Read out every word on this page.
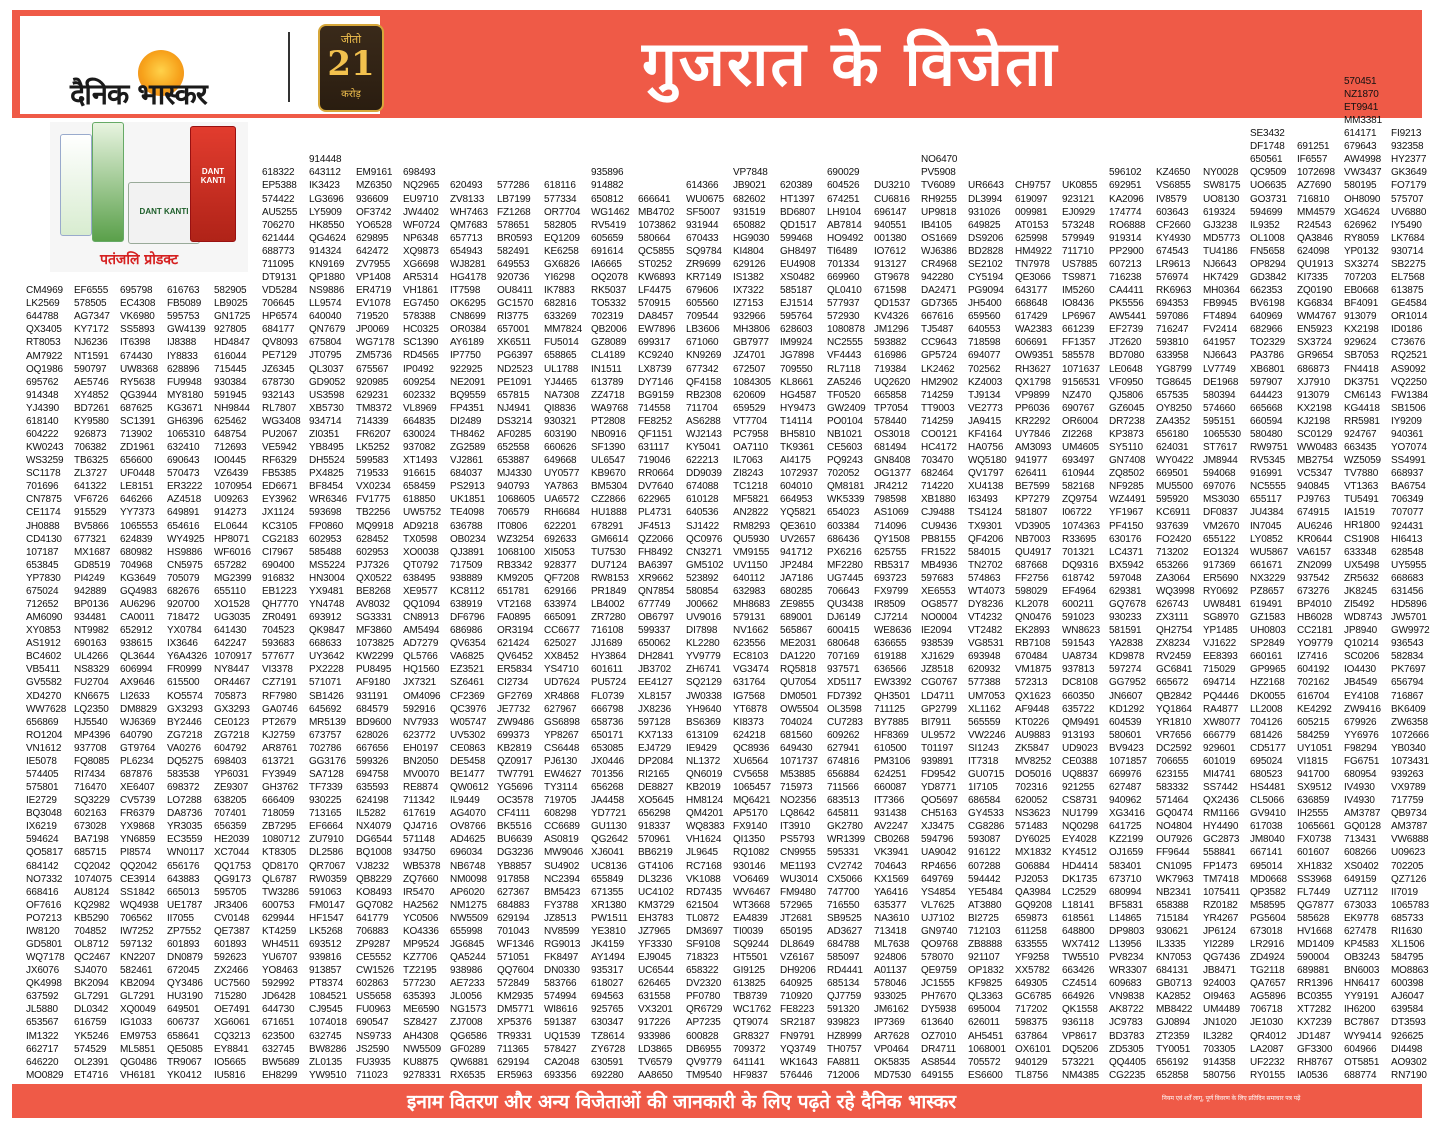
दैनिक भास्कर
जीतो
21
करोड़	गुजरात के विजेता
DANT KANTI
DANT KANTI
पतंजलि प्रोडक्ट
CM4969
LK2569
644788
QX3405
RT8053
AM7922
OQ1986
695762
914348
YJ4390
618140
604222
KW0243
WS3259
SC1178
701696
CN7875
CE1174
JH0888
CD4130
107187
653845
YP7830
675024
712652
AM6090
XY0853
AS1912
BC4602
VB5411
GV5582
XD4270
WW7628
656869
RO1204
VN1612
IE5078
574405
575801
IE2729
BQ3048
IX6219
594624
QO5817
684142
NO7332
668416
OF7616
PO7213
IW8120
GD5801
WQ7178
JX6076
QK4998
637592
JL5880
653567
IM1322
662717
646220
MO0829
EF6555
578505
AG7347
KY7172
NJ6236
NT1591
590797
AE5746
XY4852
BD7261
KY9580
926873
706382
TB6325
ZL3727
641322
VF6726
915529
BV5866
677321
MX1687
GD8519
PI4249
942889
BP0136
934481
NT9982
690163
UL4266
NS8329
FU2704
KN6675
LQ2350
HJ5540
MP4396
937708
FQ8085
RI7434
716470
SQ3229
602163
673028
BA7198
685715
CQ2042
1074075
AU8124
KQ2982
KB5290
704852
OL8712
QC2467
SJ4070
BK2094
GL7291
DL0342
616759
YK5246
574529
OL2391
ET4716
695798
EC4308
VK6980
SS5893
IT6398
674430
UW8368
RY5638
QG3944
687625
SC1391
713902
ZD1961
656600
UF0448
LE8151
646266
YY7373
1065553
624839
680982
704968
KG3649
GQ4983
AU6296
CA0011
652912
938615
QL3644
606994
AX9646
LI2633
DM8829
WJ6369
640790
GT9764
PL6234
687876
XE6407
CV5739
FR6379
YX9868
YN6859
PI8574
QQ2042
CE3914
SS1842
WQ4938
706562
IW7252
597132
KN2207
582461
KB2094
GL7291
XQ0049
IG1033
EM9753
ML5851
QG0486
VH6181
616763
FB5089
595753
GW4139
IJ8388
IY8833
628896
FU9948
MY8180
KG3671
GH6396
1065310
632410
690643
570473
ER3222
AZ4518
649891
654616
WY4925
HS9886
CN5975
705079
682676
920700
718472
YX0784
IX3646
Y6A4326
FR0999
615500
KO5574
GX3293
BY2446
ZG7218
VA0276
DQ5275
583538
698372
LO7288
DA8736
YR3035
EC3559
WN0117
656176
643883
665013
UE1787
II7055
ZP7552
601893
DN0879
672045
QY3486
HU3190
649501
606737
658641
QE5085
TR9067
YK0412
582905
LB9025
GN1725
927805
HD4847
616044
715445
930384
591945
NH9844
625462
648754
712693
IO0445
VZ6439
1070954
U09263
914273
EL0644
HP8071
WF6016
657282
MG2399
655110
XO1528
UG3035
641430
642247
1070917
NY8447
OR4467
705873
GX3293
CE0123
ZG7218
604792
698403
YP6031
ZE9307
638205
707401
656359
HE2039
XC7044
QQ1753
QG9173
595705
JR3406
CV0148
QE7387
601893
592623
ZX2466
UC7560
715280
OE7491
XG6061
CQ3213
EY8841
IO5665
IU5816
618322
EP5388
574422
AU5255
706270
621444
688773
711095
DT9131
VD5284
706645
HP6574
684177
QV8093
PE7129
JZ6345
678730
932143
RL7807
WG3408
PU2067
VE5942
RF6329
FB5385
ED6671
EY3962
JX1124
KC3105
CG2183
CI7967
690400
916832
EB1223
QH7770
ZR0491
704523
593683
577677
VI3378
CZ7191
RF7980
GA0746
PT2679
KJ2759
AR8761
613721
FY3949
GH3762
666409
718059
ZB7295
1080712
KT8305
QD8170
QL6787
TW3286
600753
629944
KT4259
WH4511
YU6707
YO8463
592992
JD6428
644730
671651
623500
632745
BW5689
EH8299
914448
643112
IK3423
LG3696
LY5909
HK8550
QG4624
914324
KN9169
QP1880
NS9886
LL9574
640040
QN7679
675804
JT0795
QL3037
GD9052
US3598
XB5730
934714
ZI0351
YB8495
DH5524
PX4825
BF8454
WR6346
593698
FP0860
602953
585488
MS5224
HN3004
YX9481
YN4748
693912
QK9847
668633
UY3642
PX2228
571071
SB1426
645692
MR5139
673757
702786
GG3176
SA7128
TF7339
930225
713165
EF6664
ZU7910
DL2586
QR7067
RW0359
591063
FM0147
HF1547
LK5268
693512
939816
913857
PT8374
1084521
CJ9545
1074018
632745
BW8286
ZL0135
YW9510
EM9161
MZ6350
936609
OF3742
YO6528
629895
642472
ZV7955
VP1408
ER4719
EV1078
719520
JP0069
WG7178
ZM5736
675567
920985
629231
TM8372
714339
FR6207
LK5252
599583
719533
VX0234
FV1775
TB2256
MQ9918
628452
602953
PJ7326
QX0522
BE8268
AV8032
SG3331
MF3860
1073825
KW2299
PU8495
AF9180
931191
684579
BD9600
628026
667656
599326
694758
635593
624198
IL5282
NX4079
DG6544
BQ1008
VJ8232
QB8229
KO8493
GQ7082
641779
706883
ZP9287
CE5552
CW1526
602863
US5658
FU0963
690547
NS9733
JS2590
FU3935
711023
698493
NQ2965
EU9710
JW4402
WF0724
NP6348
XQ9873
XG6698
AR5314
VH1861
EG7450
578388
HC0325
SC1390
RD4565
IP0492
609254
602332
VL8969
664835
630024
937082
XT1493
916615
658459
618850
UW5752
AD9218
TX0598
XO0038
QT0792
638495
XE9577
QQ1094
CN8913
AM5494
AD7279
QL5766
HQ1560
JX7321
OM4096
592916
NV7933
623772
EH0197
BN2050
MV0070
RE8874
711342
617619
QJ4716
571148
934750
WB5378
ZQ7660
IR5470
HA2562
YC0506
KO4336
MP9524
KZ7706
TZ2195
577230
635393
ME6590
SZ8427
AH4308
NW5509
KU8875
9278331
620493
ZV8133
WH7463
QM7683
657713
654943
WJ8281
HG4178
IT7598
OK6295
CN8699
OR0384
AY6189
IP7750
922925
NE2091
BQ9559
FP4351
DI2489
TH8462
ZG2589
VJ2861
684037
PS2913
UK1851
TE4098
636788
OB0234
QJ3891
717509
938889
KC8112
638919
DF6796
686986
QV6354
VA6825
EZ3521
SZ6461
CF2369
QC3976
W05747
UV5302
CE0863
DE5458
BE1477
QW0612
IL9449
AG4070
OV8766
AD4625
696034
NB6748
NM0098
AP6020
NM1275
NW5509
655998
JG6845
QA5244
938986
AE7233
JL0056
NG1573
ZJ7008
QG6586
GF0289
QW6881
RX6535
577286
LB7199
FZ1268
578651
BR0593
582491
649553
920736
OU8411
GC1570
RI3775
657001
XK6511
PG6397
ND2523
PE1091
657815
NJ4941
DS3214
AF0285
652558
653887
MJ4330
940793
1068605
706579
IT0806
WZ3254
1068100
RB3342
KM9205
651781
VT2168
FA0895
OR3194
621424
QV6452
ER5834
CI2734
GF2769
JE7732
ZW9486
699373
KB2819
QZ0917
TW7791
YG5696
OC3578
CF4111
BK5516
BU6639
DG3236
YB8857
917858
627367
684883
629194
701043
WF1346
571051
QQ7604
572849
KM2935
DM5771
XP5376
TR9331
711365
629194
ER5963
618116
577334
OR7704
582805
EQ1209
KE6258
GX6826
YI6298
IK7883
682816
633269
MM7824
FU5014
658865
UL1788
YJ4465
NA7308
QI8836
930321
603190
660626
649668
UY0577
YA7863
UA6572
RH6684
622201
692633
XI5053
928377
QF7208
629166
633974
665091
CC6677
625027
XX8452
YS4710
UD7624
XR4868
627967
GS6898
YP8267
CS6448
PJ6130
EW4627
TY3114
719705
608298
CC6689
AS0819
MW9046
SU4902
NC2394
BM5423
FY3788
JZ8513
NV8599
RG9013
FK8497
DN0330
583766
574994
WI8616
591387
UQ1539
578427
CA2048
693356
935896
914882
650812
WG1462
RV5419
605659
691614
IA6665
OQ2078
RK5037
TO5332
702319
QB2006
GZ8089
CL4189
IN1511
613789
ZZ4718
WA9768
PT2808
NB0916
SF1390
UL6547
KB9670
BM5304
CZ2866
HU1888
678291
GM6614
TU7530
DU7124
RW8153
PR1849
LB4002
ZR7280
716108
JJ1689
HY3864
601611
PU5724
FL0739
666798
658736
650171
653085
JX0446
701356
656268
JA4458
YD7721
GU1130
QG2642
XJ6041
UC8136
655849
671355
XR1380
PW1511
YE3810
JK4159
AY1494
935317
618027
694563
925765
630347
TZ8614
ZY6728
630591
692280
666641
MB4702
1073862
580664
QC5855
ST0252
KW6893
LF4475
570915
DA8457
EW7896
699317
KC9240
LX8739
DY7146
BG9159
714558
FE8252
QF1151
631117
719046
RR0664
DV7640
622965
PL4731
JF4513
QZ2066
FH8492
BA6397
XR9662
QN7854
677749
OB6797
599337
650062
DH2841
JB3702
EE4127
XL8157
JX8236
597128
KX7133
EJ4729
DP2084
RI2165
DE8827
XO5645
656298
918337
570961
BB6219
GT4106
DL3236
UC4102
KM3729
EH3783
JZ7965
YF3330
EJ9045
UC6544
626465
631558
VX3201
917226
933986
LD3865
TV6579
AA8650
614366
WU0675
SF5007
931944
670433
SQ9784
ZR9699
KR7149
679606
605560
709544
LB3606
671060
KN9269
677342
QF4158
RB2308
711704
AS6288
WJ2143
KY5041
622213
DD9039
674088
610128
640536
SJ1422
QC0976
CN3271
GM5102
523892
580854
J00662
UV9016
DI7898
KL2280
YV9779
ZH6741
SQ2129
JW0338
YH9640
BS6369
613109
IE9429
NL1372
QN6019
KB2019
HM8124
QM4201
WQ8383
VH1624
JL9645
RC7168
VK1088
RD7435
621504
TL0872
DM3697
SF9108
718323
658322
DV2320
PF0780
QR6729
AP7235
600828
DB6955
QV9779
TM9540
VP7848
JB9021
682602
931519
650882
HG9030
KI4804
629126
IS1382
IX7322
IZ7153
932966
MH3806
GB7977
JZ4701
672507
1084305
620609
659529
VT7704
PC7958
OA7110
IL7063
ZI8243
TC1218
MF5821
AN2822
RM8293
QU5930
VM9155
UV1150
640112
632983
MH8683
579131
NV1662
623556
EC8103
VG3474
631764
IG7568
YT6878
KI8373
624218
QC8936
XU6564
CV5658
1065457
MQ6421
AP5170
FX9140
QI1350
RQ1082
930146
VO6469
WV6467
WT3668
EA4839
TI0039
SQ9244
HT5501
GI9125
613825
TB8739
WC1762
QT9074
GR8327
709372
641141
HF9837
620389
HT1397
BD6807
QD1517
599468
GH8497
EU4908
XS0482
585187
EJ1514
595764
628603
IM9924
JG7898
709550
KL8661
HG4587
HY9473
T14114
BH5810
TK9361
AI4175
1072937
604010
664953
YQ5821
QE3610
UV2657
941712
JP2484
JA7186
680285
ZE9855
689001
565867
ME2031
DA1220
RQ5818
QU7054
DM0501
OW5504
704024
681560
649430
1071737
M53885
715973
NO2356
LQ8642
IT3910
PS5793
CN9955
ME1193
WU3014
FM9480
572965
JT2681
650195
DL8649
VZ6167
DH9206
640925
710920
FE8223
SR2187
FN9791
YQ3749
WK1643
576446
690029
604526
674251
LH9104
AB7814
HO9492
TI6489
701334
669960
QL0410
577937
572930
1080878
NC2555
VF4443
RL7118
ZA5246
TF0520
GW2409
PO0104
NB1021
CE5603
PQ9243
702052
QM8181
WK5339
654023
603384
686436
PX6216
MF2280
UG7445
706643
QU3438
DJ6149
600415
680648
707169
937571
XD5117
FD7392
OL3598
CU7283
609262
627941
674816
656884
711566
683513
645811
GK2780
WR1399
595331
CV2742
CX5066
747700
716550
SB9525
AD3627
684788
585097
RD4441
685134
QJ7759
591320
939823
HZ8999
TH0757
FA8811
712006
DU3210
CU6816
696147
940551
001380
IO7612
913127
GT9678
671598
QD1537
KV4326
JM1296
593882
616986
719384
UQ2620
665858
TP7054
578440
OS3018
681494
GN8408
OG1377
JR4212
798598
AS1069
714096
QY1508
625755
RB5317
693723
FX9799
IR8509
CJ7214
WE8636
636655
619188
636566
EW3392
QH3501
711125
BY7885
HF8369
610500
PM3106
624251
660087
IT7366
931438
AV2247
CB0268
VK3941
704643
KX1569
YA6416
635377
NA3610
713418
ML7638
924806
A01137
578046
933025
JM6162
IP7369
AR7628
VP0464
OK5835
MD7530
NO6470
PV5908
TV6089
RH9255
UP9818
IB4105
OS1669
WJ6386
CR4968
942280
DA2471
GD7365
667616
TJ5487
CC9643
GP5724
LK2462
HM2902
714259
TT9003
714259
CO0121
HC4172
703470
682464
714220
XB1880
CJ9488
CU9436
PB8155
FR1522
MB4936
597683
XE6553
OG8577
NO0004
IE2094
938539
XJ1629
JZ8518
CG0767
LD4711
GP2799
BI7911
UL9572
T01197
939891
FD9542
YD8771
QO5697
CH5163
XJ3475
594796
UA9042
RP4656
649769
YS4854
VL7625
UJ7102
GN9740
QO9768
578070
QE9759
JC1555
PH7670
DY5938
613640
OZ7010
DR4711
AS8544
649155
UR6643
DL3994
931026
649825
DS9206
BD2828
SE2102
CY5194
PG9094
JH5400
659560
640553
718598
694077
702562
KZ4003
TJ9134
VE2773
JA9415
KF4164
HA0756
WQ5180
QV1797
XU4138
I63493
TS4124
TX9301
QF4206
584015
TN2702
574863
WT4073
DY8236
VT4232
VT2482
VG8531
693948
620932
577388
UM7053
XL1162
565559
VW2246
SI1243
IT7318
GU0715
1I7105
686584
GY4533
CG8286
593087
916122
607288
594442
YE5484
AT3880
BI2725
712103
ZB8888
921107
OP1832
KF9825
QL3363
695004
626011
AH5451
1068001
705572
ES6600
CH9757
619097
009981
AT0153
625998
HM4922
TN7978
QE3066
643177
668648
617429
WA2383
606691
OW9351
RH3627
QX1798
VP9899
PP6036
KR2292
UY7846
AM3093
941977
626411
BE7599
KP7279
581807
VD3905
NB7003
QU4917
687668
FF2756
598029
KL2078
QN0476
EK2893
RB7108
670484
VM1875
572313
QX1623
AF9448
KT0226
AU9883
ZK5847
MV8252
DO5016
702316
620052
NS3623
571483
DY6025
MX1832
G06884
PJ2053
QA3984
GQ9208
659873
611258
633555
YF9258
XX5782
649305
GC6785
717202
598375
637864
OX6101
940129
TL8756
UK0855
923121
EJ0929
573248
579949
711710
US7885
TS9871
IM5260
IO8436
LP6967
661239
FF1357
585578
1071637
9156531
NZ470
690767
OR6004
ZI2268
UM4605
693497
610944
582168
ZQ9754
I06722
1074363
R33695
701321
DQ9316
618742
EF4964
600211
591023
WN8623
591543
UA8734
937813
DC8108
660350
635722
QM9491
913193
UD9023
CE0388
UQ8837
921255
CS8731
NU1799
NQ0298
EY4028
KY4512
HD4414
DK1735
LC2529
L18141
618561
648800
WX7412
TW5510
663426
CZ4514
664926
QK1558
936118
VP8617
DQ5206
573221
NM4385
596102
692951
KA2096
174774
RO6888
919314
PP2900
607213
716238
CA4411
PK5556
AW5441
EF2739
JT2620
BD7080
LE0648
VF0950
QJ5806
GZ6045
DR7238
KP3873
SY5110
GN7408
ZQ8502
NF9285
WZ4491
YF1967
PF4150
630176
LC4371
BX5942
597048
629381
GQ7678
930233
581591
YA2838
KD9878
597274
GG7952
JN6607
KD1292
604539
580601
BV9423
1071857
669976
627487
940962
XG3416
641725
KZ2199
OJ1659
583401
673710
680994
BF5831
L14865
DP9803
L13956
PV8234
WR3307
609683
VN9838
AK8722
JC9783
BD3783
ZD5305
QQ4405
CG2235
KZ4650
VS6855
IV8579
603643
CF2660
KY4930
674543
LR9613
576974
RK6963
694353
597086
716247
593810
633958
YG8799
TG8645
657535
OY8250
ZA4352
656180
624031
WY0422
669501
MU5500
595920
KC6911
937639
FO2420
713202
653266
ZA3064
WQ3998
626743
ZX3111
QH2754
ZX8234
RV2459
GC6841
665672
QB2842
YQ1864
YR1810
VR7656
DC2592
706655
623155
583332
571464
GQ0474
NO4804
OU7926
FF9644
CN1095
WK7963
NB2341
658388
715184
930621
IL3335
KN7053
684131
GB0713
KA2852
MB8422
GJ0894
ZT2359
TY0051
656192
652858
NY0028
SW8175
UO8130
619324
GJ3238
MD5773
TU4186
NJ6643
HK7429
MH0364
FB9945
FT4894
FV2414
641957
NJ6643
LV7749
DE1968
580394
574660
595151
1065530
ST7617
JM8944
594068
697076
MS3030
DF0837
VM2670
655122
EO1324
917369
ER5690
RY0692
UW8481
SG8970
YP1485
VJ1622
EE8393
715029
694714
PQ4446
RA4877
XW8077
666779
929601
601019
MI4741
SS7442
QX2436
RM1166
HY4490
GC2873
558841
FP1473
TM7418
1075411
RZ0182
YR4267
JP6124
YI2289
QG7436
JB8471
924003
OI9463
UM4489
JN1020
IL3282
703305
914358
580756
SE3432
DF1748
650561
QC9509
UO6635
GO3731
594699
IL9352
OL1008
FN5658
OP8294
GD3842
662353
BV6198
640969
682966
TO2329
PA3786
XB6801
597907
644423
665668
660594
580480
RW9751
RV5345
916991
NC5555
655117
JU4384
IN7045
LY0852
WU5867
661671
NX3229
PZ8657
619491
GZ1583
UH0803
SP2849
660161
GP9965
HZ2168
DK0055
LL2008
704126
681426
CD5177
695024
680523
HS4481
CL5066
GV9410
617038
JM8040
667141
695014
MD0668
QP3582
M58595
PG5604
673018
LR2916
ZD4924
TG2118
QA7657
AG5896
706718
JE1030
QR4012
LA2087
UF2232
RY0155
691251
IF6557
1072698
AZ7690
716810
MM4579
R24543
QA3846
624098
QU1913
KI7335
ZQ0190
KG6834
WM4767
EN5923
SX3724
GR9654
686873
XJ7910
913079
KX2198
KJ2198
SC0129
WW0483
MB2754
VC5347
940845
PJ9763
674915
AU6246
KR0644
VA6157
ZN2099
937542
673276
BP4010
HB6028
CC2181
YO9779
IZ7416
604192
702162
616704
KE4292
605215
584259
UY1051
VI1815
941700
SX9512
636859
IH2555
1065661
FX0738
601607
XH1832
SS3968
FL7449
QG7877
585628
HV1668
MD1409
590004
689881
RR1396
BC0355
XT7282
KX7239
JD1487
GF3300
RH8767
IA0536
570451
NZ1870
ET9941
MM3381
614171
679643
AW4998
VW3437
580195
OH8090
XG4624
626962
RY8059
YP0132
SX3274
707203
EB0668
BF4091
913079
KX2198
929624
SB7053
FN4418
DK3751
CM6143
KG4418
RR5981
924767
663435
WZ5059
TV7880
VT1363
TU5491
IA1519
HR1800
CS1908
633348
UX5498
ZR5632
JK8245
ZI5492
WD8743
JP8940
Q10214
SC0206
IO4430
JB4549
EY4108
ZW9416
679926
YY6976
F98294
FG6751
680954
IV4930
IV4930
AM3787
GQ0128
713431
608266
XS0402
649159
UZ7112
673033
EK9778
627478
KP4583
OB3243
BN6003
HN6417
YY9191
IH6200
BC7867
WY9414
604966
OT5851
688774
FI9213
932358
HY2377
GK3649
FO7179
575707
UV6880
IY5490
LK7684
930714
SB2275
EL7568
613875
GE4584
OR1014
ID0186
C73676
RQ2521
AS9092
VQ2250
FW1384
SB1506
IY9209
940361
YO7074
SS4991
668937
BA6754
706349
707077
924431
HI6413
628548
UY5955
668683
631456
HD5896
JW5701
GW9972
936543
582834
PK7697
656794
716867
BK6409
ZW6358
1072666
YB0340
1073431
939263
VX9789
717759
QB9734
AM3787
VW6888
U09623
702205
QZ7126
II7019
1065783
685733
RI1630
XL1506
584795
MO8863
600398
AJ6047
639584
DT3593
926625
DI4498
AO9302
RN7190
इनाम वितरण और अन्य विजेताओं की जानकारी के लिए पढ़ते रहे दैनिक भास्कर	नियम एवं शर्तें लागू, पूर्ण विवरण के लिए प्रतिदिन समाचार पत्र पढ़ें
